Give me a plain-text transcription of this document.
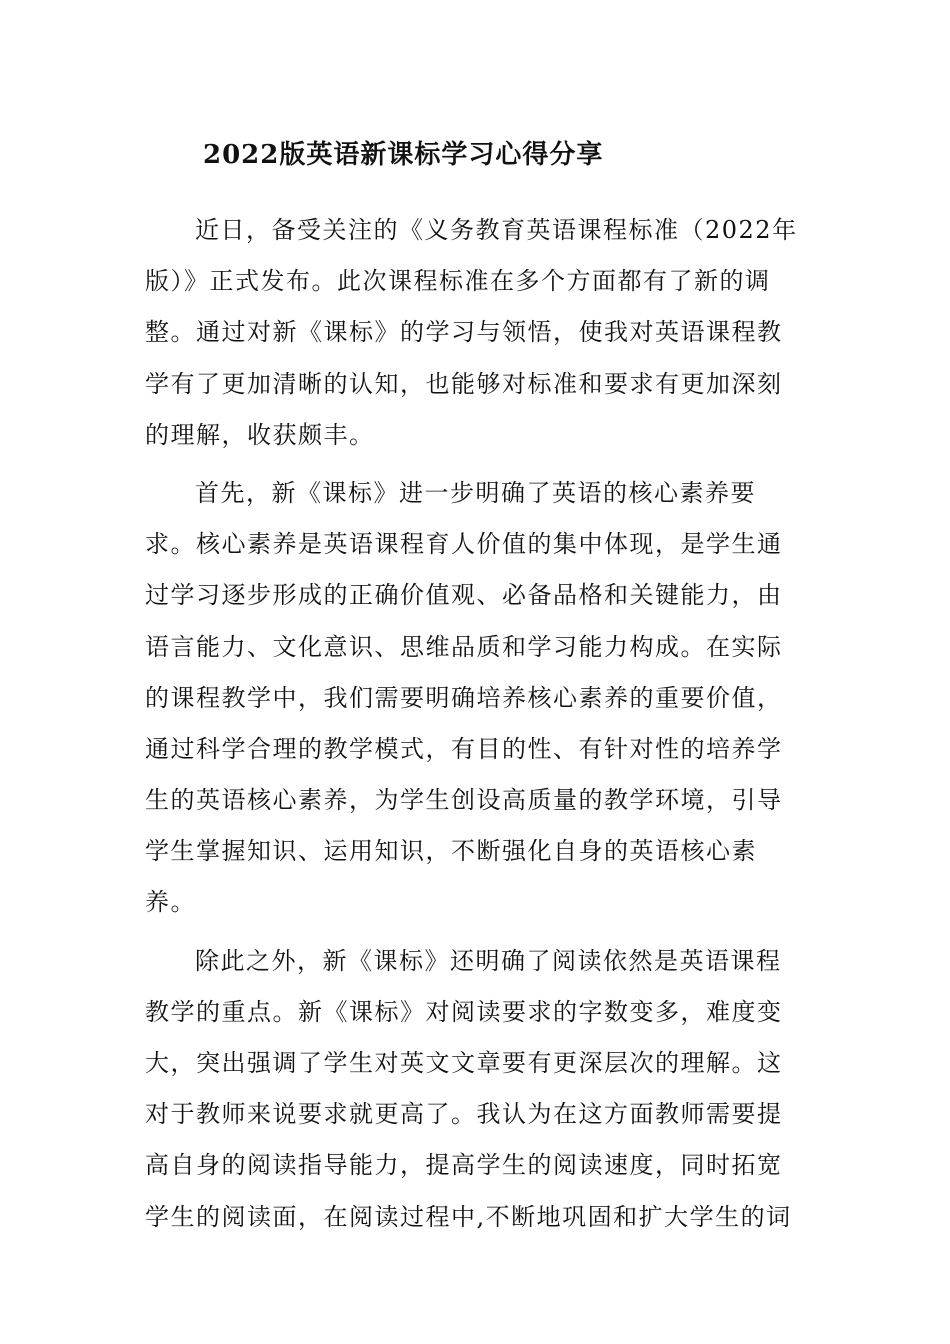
2022版英语新课标学习心得分享
近日，备受关注的《义务教育英语课程标准（2022年
版）》正式发布。此次课程标准在多个方面都有了新的调
整。通过对新《课标》的学习与领悟，使我对英语课程教
学有了更加清晰的认知，也能够对标准和要求有更加深刻
的理解，收获颇丰。
首先，新《课标》进一步明确了英语的核心素养要
求。核心素养是英语课程育人价值的集中体现，是学生通
过学习逐步形成的正确价值观、必备品格和关键能力，由
语言能力、文化意识、思维品质和学习能力构成。在实际
的课程教学中，我们需要明确培养核心素养的重要价值，
通过科学合理的教学模式，有目的性、有针对性的培养学
生的英语核心素养，为学生创设高质量的教学环境，引导
学生掌握知识、运用知识，不断强化自身的英语核心素
养。
除此之外，新《课标》还明确了阅读依然是英语课程
教学的重点。新《课标》对阅读要求的字数变多，难度变
大，突出强调了学生对英文文章要有更深层次的理解。这
对于教师来说要求就更高了。我认为在这方面教师需要提
高自身的阅读指导能力，提高学生的阅读速度，同时拓宽
学生的阅读面，在阅读过程中,不断地巩固和扩大学生的词
